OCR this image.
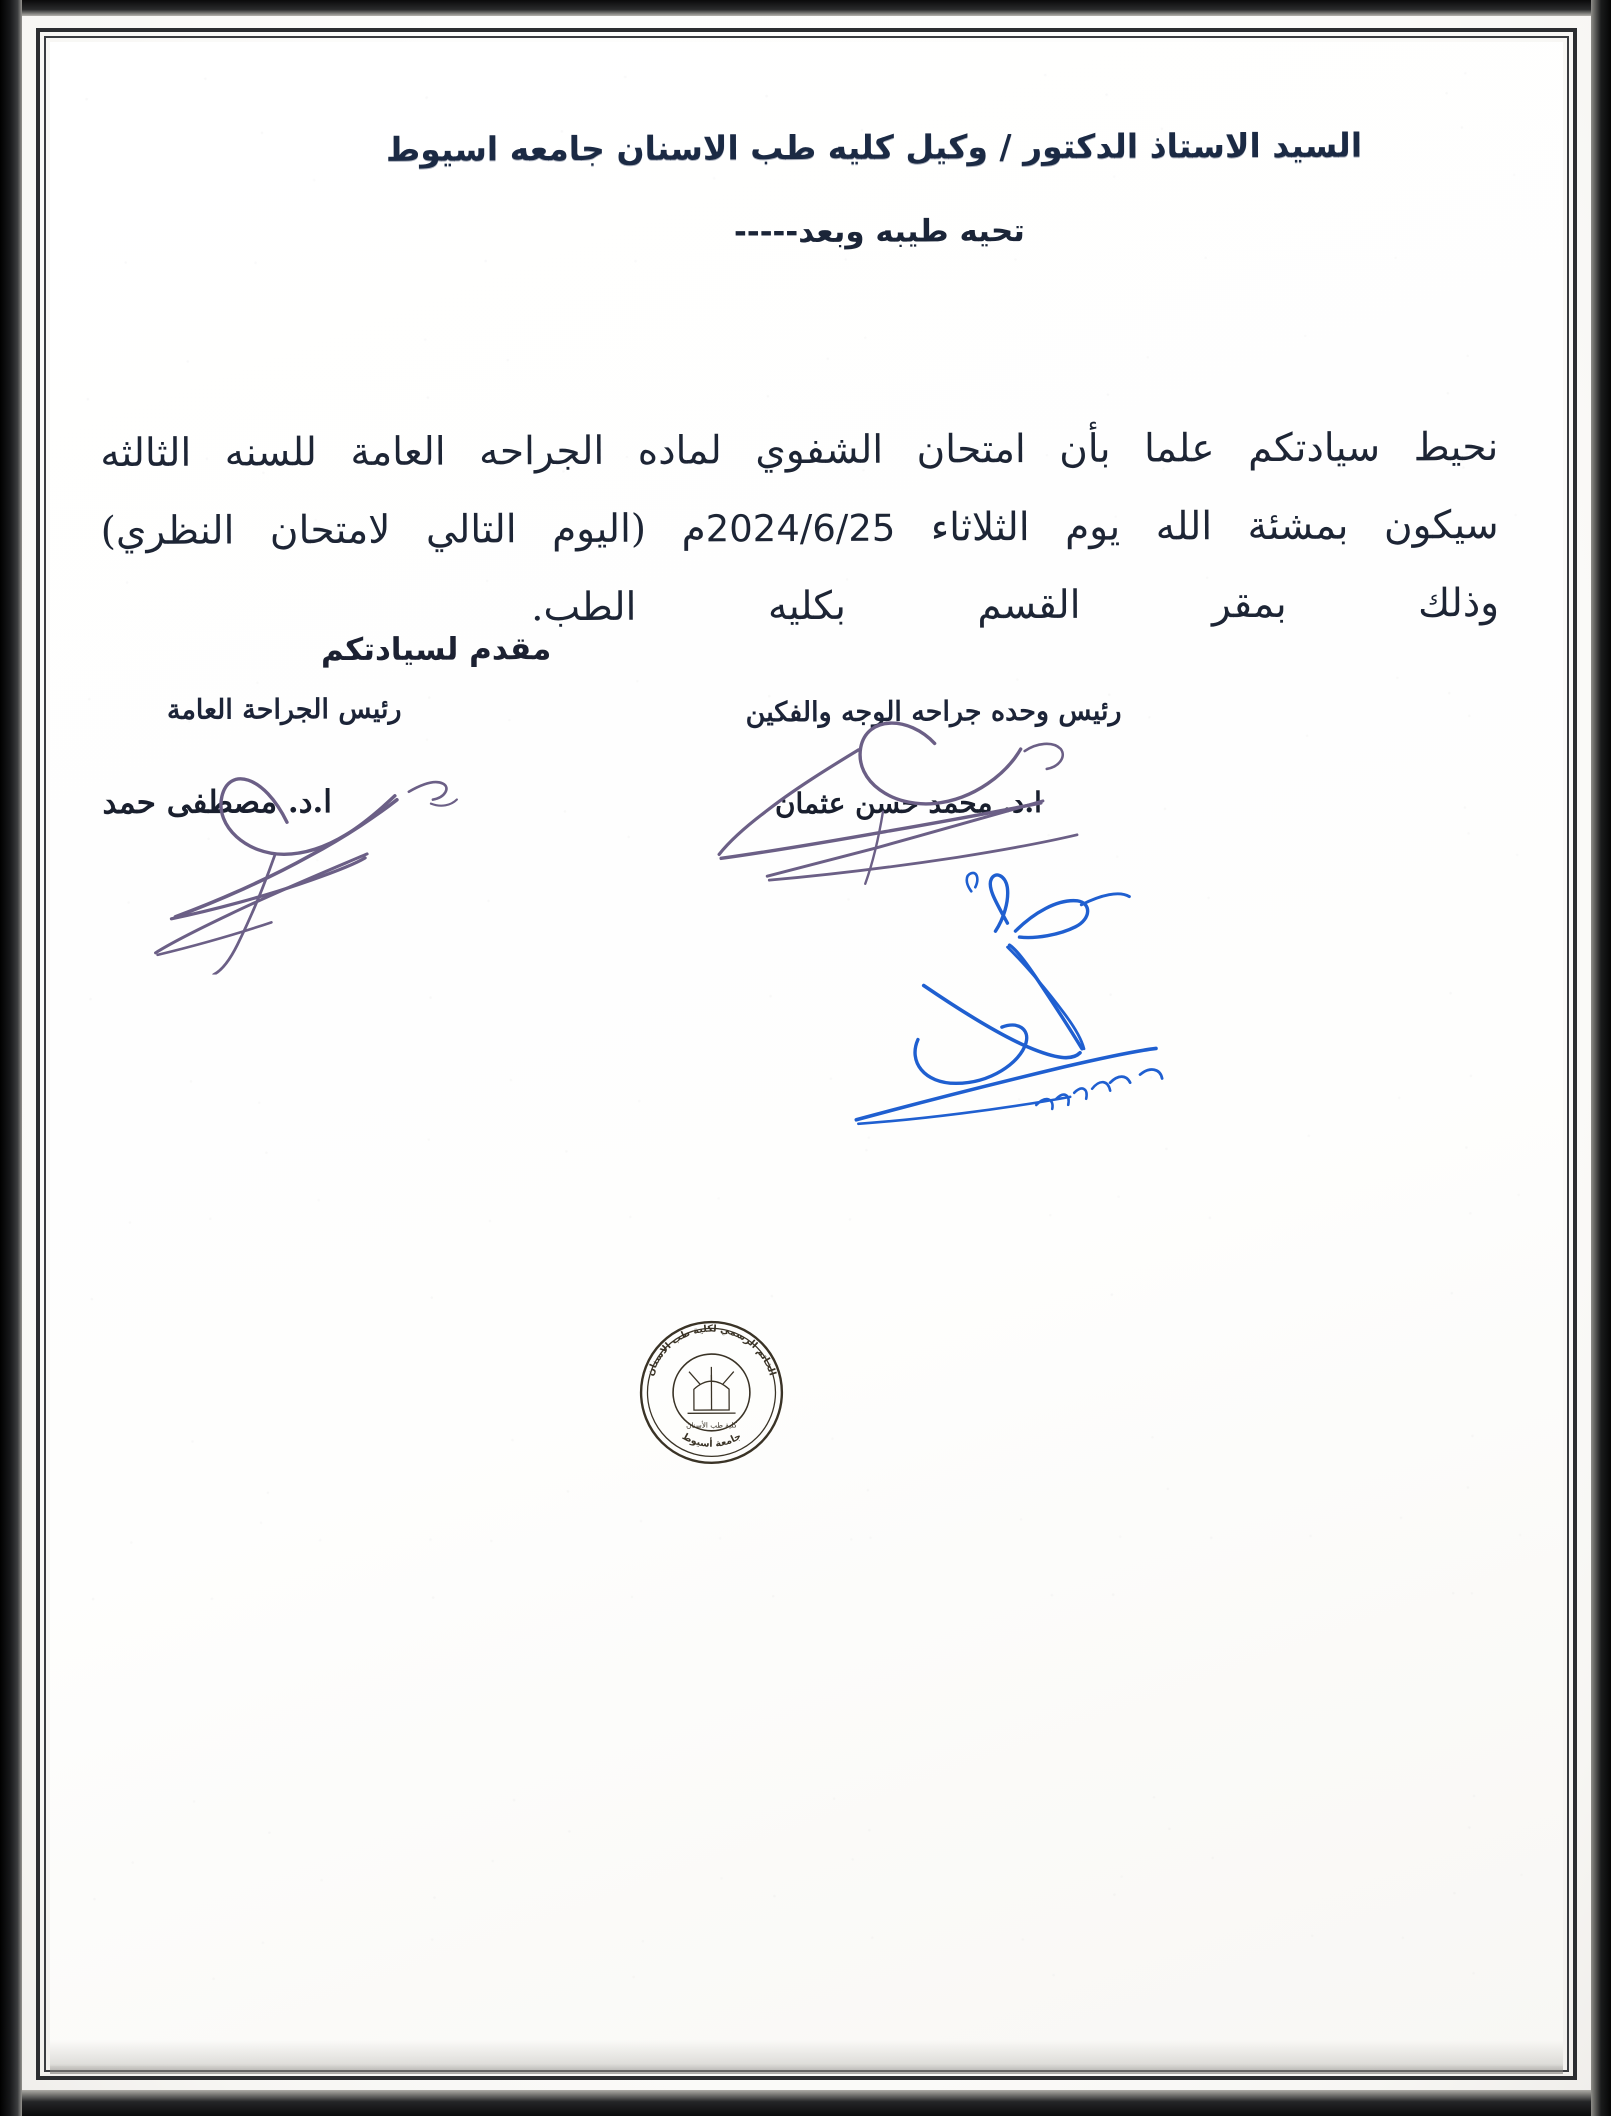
السيد الاستاذ الدكتور / وكيل كليه طب الاسنان جامعه اسيوط
تحيه طيبه وبعد-----
نحيط سيادتكم علما بأن امتحان الشفوي لماده الجراحه العامة للسنه الثالثه
سيكون بمشئة الله يوم الثلاثاء 2024/6/25م (اليوم التالي لامتحان النظري)
وذلك بمقر القسم بكليه الطب.
مقدم لسيادتكم
رئيس الجراحة العامة
ا.د. مصطفى حمد
رئيس وحده جراحه الوجه والفكين
ا.د. محمد حسن عثمان
الخاتم الرسمي لكلية طب الاسنان
جامعة أسيوط
كلية طب الأسنان
